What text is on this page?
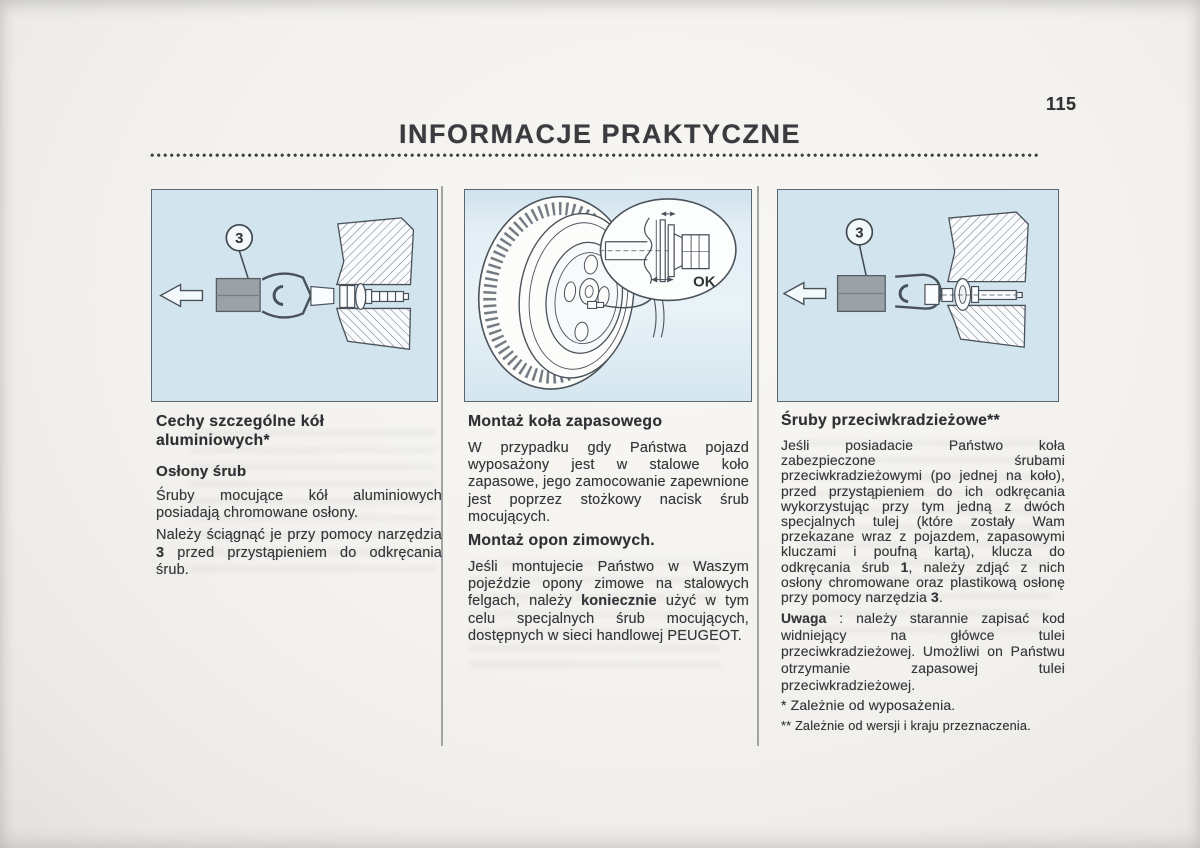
115
INFORMACJE PRAKTYCZNE
3
OK
3
Cechy szczególne kół aluminiowych*
Osłony śrub

Śruby mocujące kół aluminiowych posiadają chromowane osłony.

Należy ściągnąć je przy pomocy narzędzia 3 przed przystąpieniem do odkręcania śrub.

Montaż koła zapasowego

W przypadku gdy Państwa pojazd wyposażony jest w stalowe koło zapasowe, jego zamocowanie zapewnione jest poprzez stożkowy nacisk śrub mocujących.

Montaż opon zimowych.

Jeśli montujecie Państwo w Waszym pojeździe opony zimowe na stalowych felgach, należy koniecznie użyć w tym celu specjalnych śrub mocujących, dostępnych w sieci handlowej PEUGEOT.

Śruby przeciwkradzieżowe**

Jeśli posiadacie Państwo koła zabezpieczone śrubami przeciwkradzieżowymi (po jednej na koło), przed przystąpieniem do ich odkręcania wykorzystując przy tym jedną z dwóch specjalnych tulej (które zostały Wam przekazane wraz z pojazdem, zapasowymi kluczami i poufną kartą), klucza do odkręcania śrub 1, należy zdjąć z nich osłony chromowane oraz plastikową osłonę przy pomocy narzędzia 3.

Uwaga : należy starannie zapisać kod widniejący na główce tulei przeciwkradzieżowej. Umożliwi on Państwu otrzymanie zapasowej tulei przeciwkradzieżowej.

* Zależnie od wyposażenia.

** Zależnie od wersji i kraju przeznaczenia.
